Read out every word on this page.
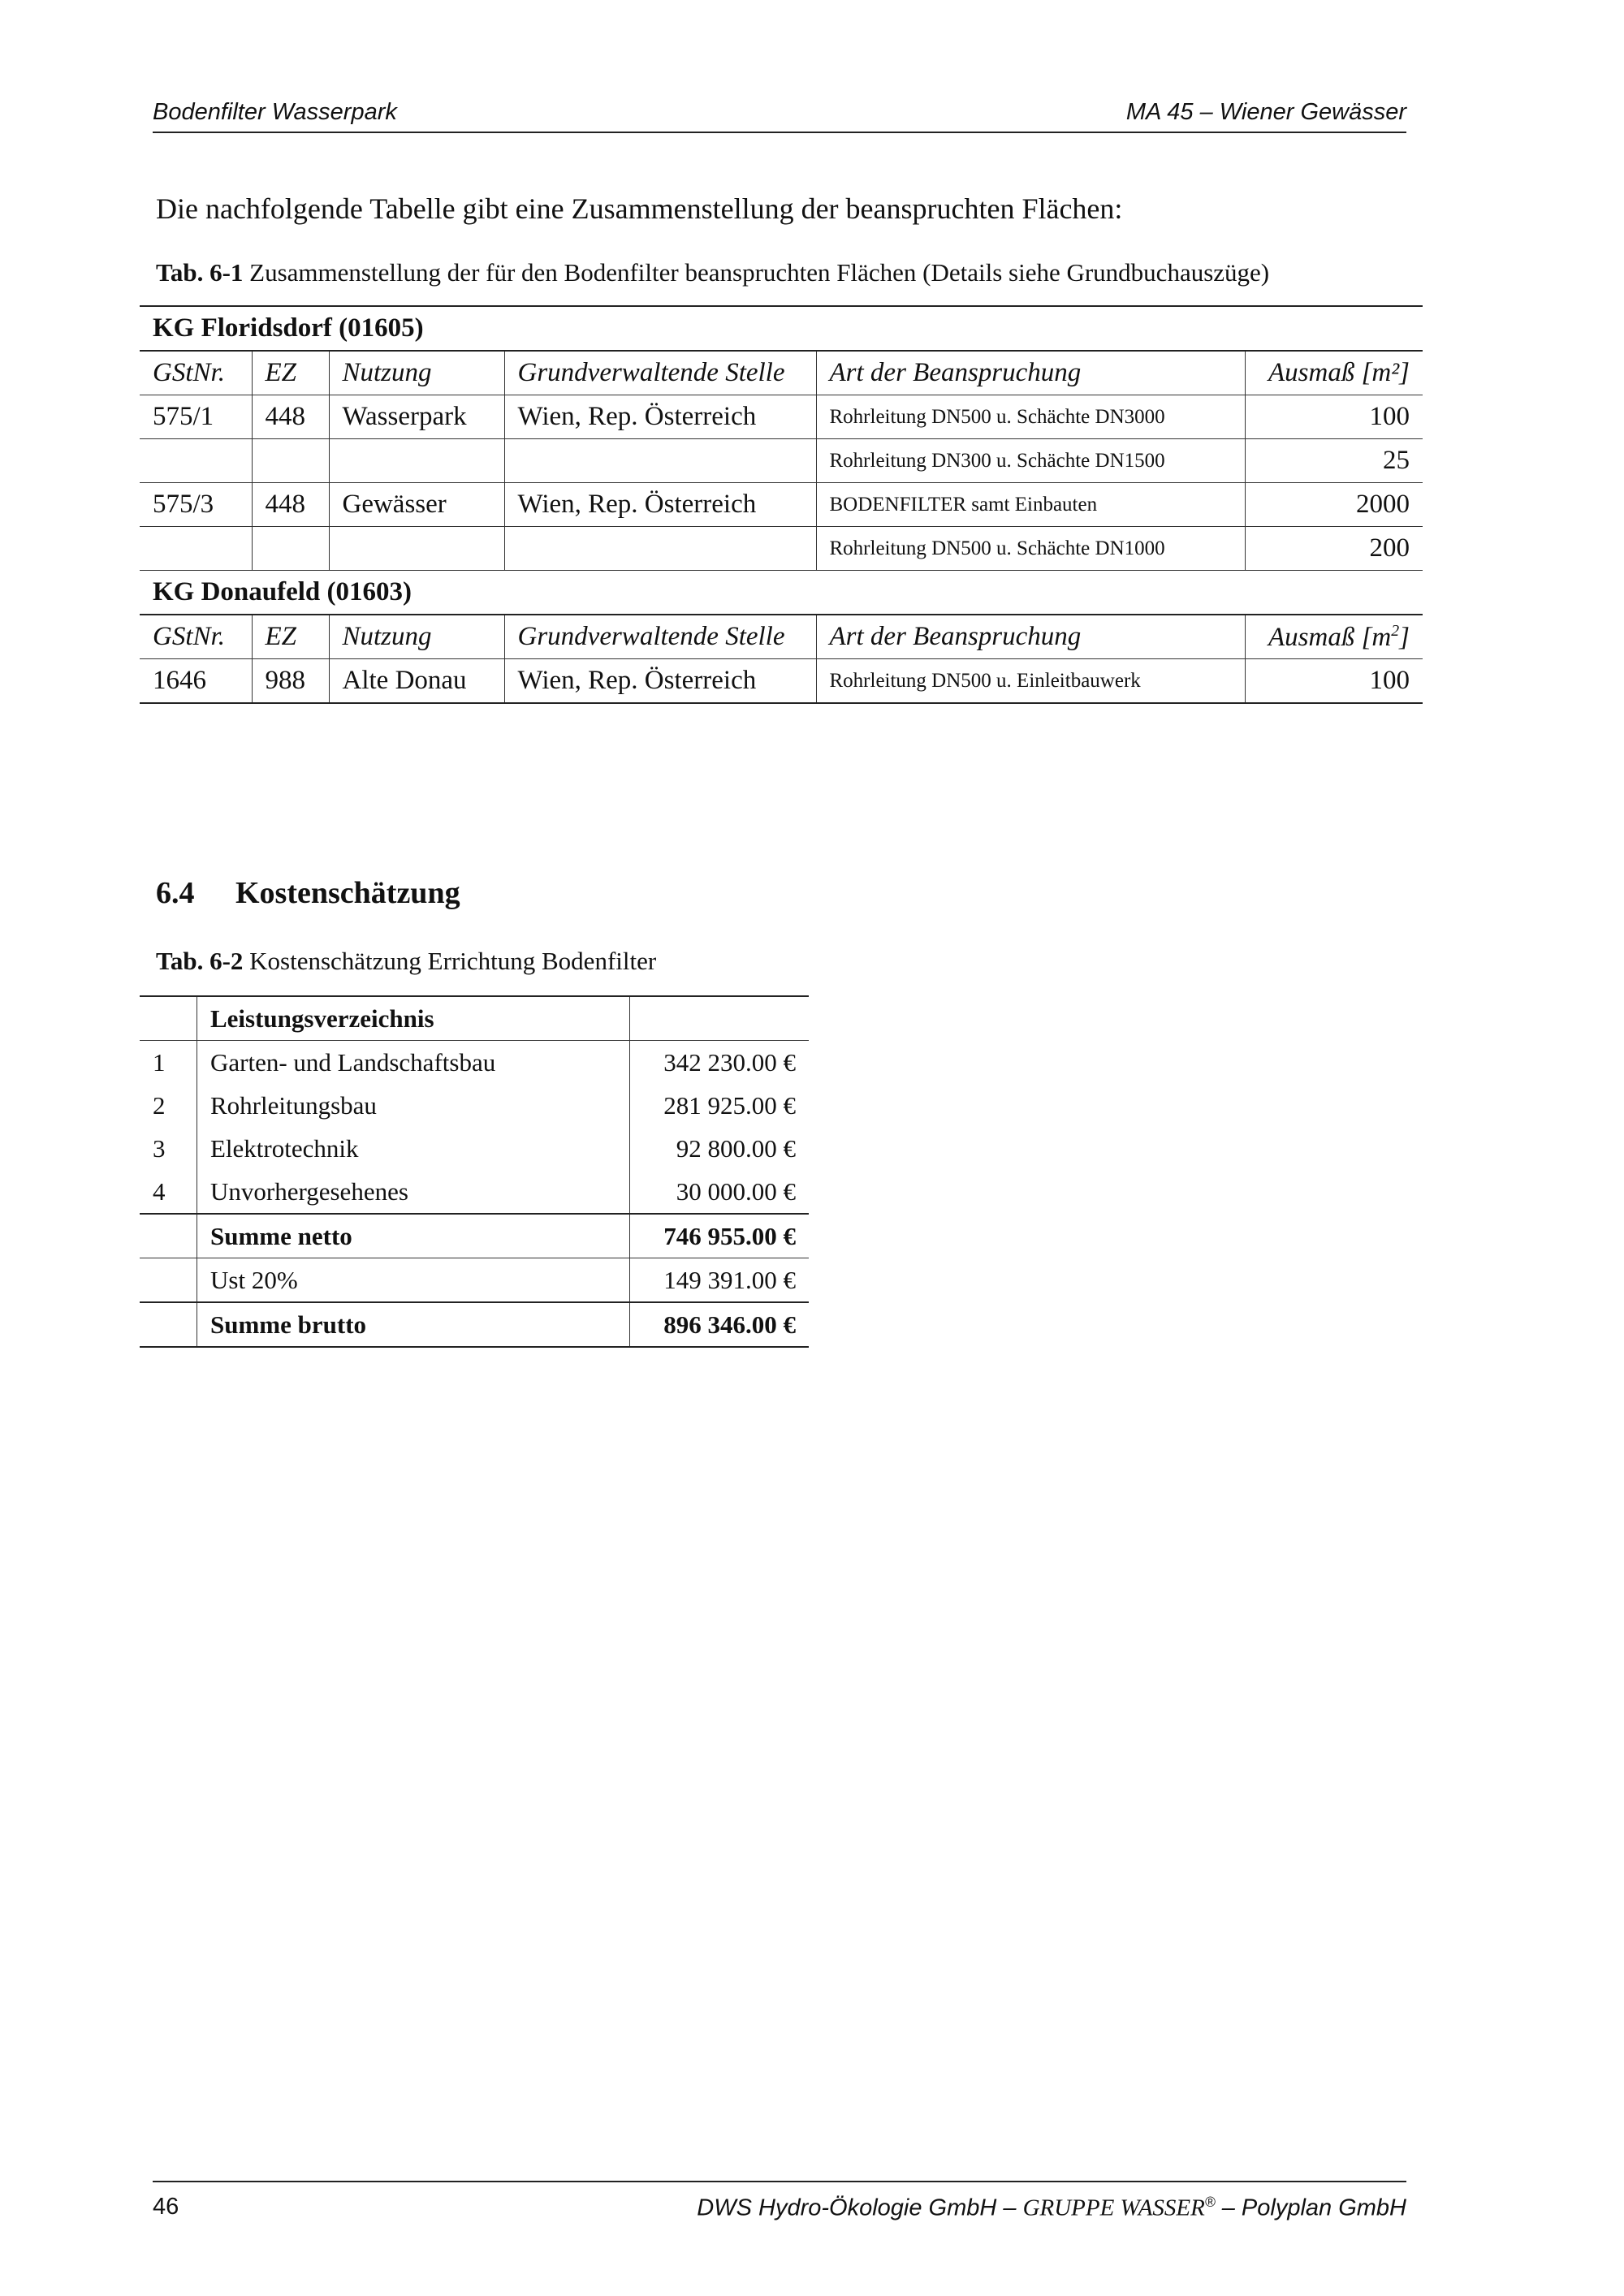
Bodenfilter Wasserpark	MA 45 – Wiener Gewässer
Die nachfolgende Tabelle gibt eine Zusammenstellung der beanspruchten Flächen:
Tab. 6-1 Zusammenstellung der für den Bodenfilter beanspruchten Flächen (Details siehe Grundbuchauszüge)
KG Floridsdorf (01605)					
GStNr.	EZ	Nutzung	Grundverwaltende Stelle	Art der Beanspruchung	Ausmaß [m²]
575/1	448	Wasserpark	Wien, Rep. Österreich	Rohrleitung DN500 u. Schächte DN3000	100
				Rohrleitung DN300 u. Schächte DN1500	25
575/3	448	Gewässer	Wien, Rep. Österreich	BODENFILTER samt Einbauten	2000
				Rohrleitung DN500 u. Schächte DN1000	200
KG Donaufeld (01603)					
GStNr.	EZ	Nutzung	Grundverwaltende Stelle	Art der Beanspruchung	Ausmaß $[m^2]$
1646	988	Alte Donau	Wien, Rep. Österreich	Rohrleitung DN500 u. Einleitbauwerk	100
6.4 Kostenschätzung
Tab. 6-2 Kostenschätzung Errichtung Bodenfilter
	Leistungsverzeichnis	
1	Garten- und Landschaftsbau	342 230.00 €
2	Rohrleitungsbau	281 925.00 €
3	Elektrotechnik	92 800.00 €
4	Unvorhergesehenes	30 000.00 €
	Summe netto	746 955.00 €
	Ust 20%	149 391.00 €
	Summe brutto	896 346.00 €
46	DWS Hydro-Ökologie GmbH – GRUPPE WASSER® – Polyplan GmbH
